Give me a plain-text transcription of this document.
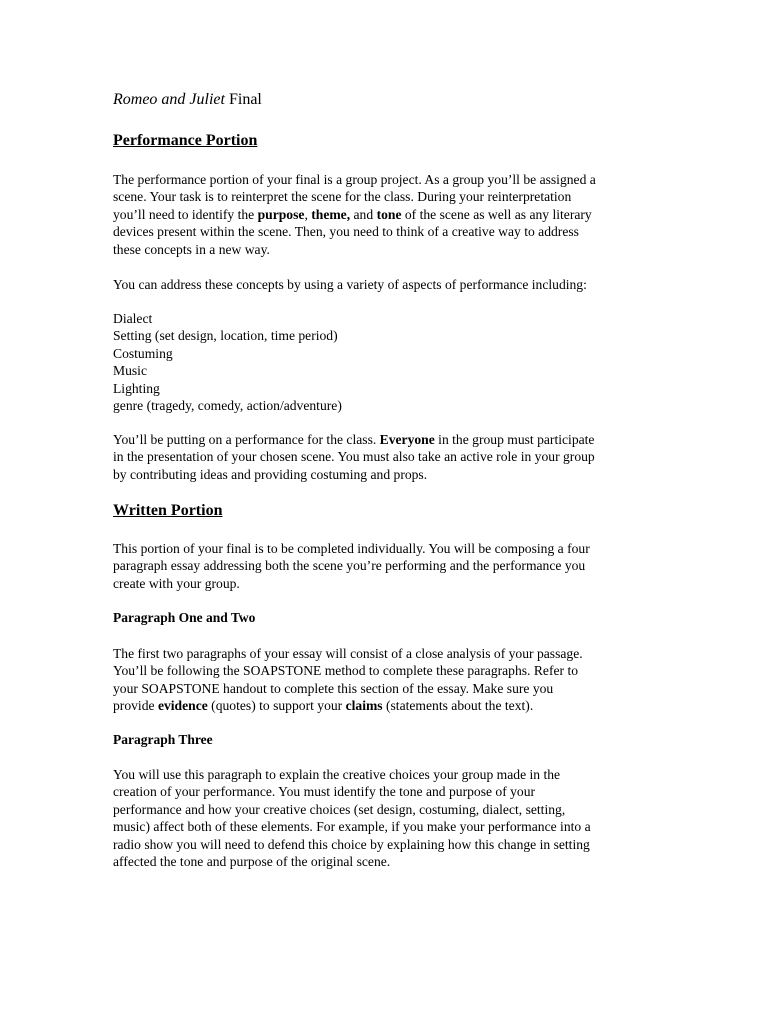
Romeo and Juliet Final
Performance Portion
The performance portion of your final is a group project. As a group you’ll be assigned a
scene. Your task is to reinterpret the scene for the class. During your reinterpretation
you’ll need to identify the purpose, theme, and tone of the scene as well as any literary
devices present within the scene. Then, you need to think of a creative way to address
these concepts in a new way.
You can address these concepts by using a variety of aspects of performance including:
Dialect
Setting (set design, location, time period)
Costuming
Music
Lighting
genre (tragedy, comedy, action/adventure)
You’ll be putting on a performance for the class. Everyone in the group must participate
in the presentation of your chosen scene. You must also take an active role in your group
by contributing ideas and providing costuming and props.
Written Portion
This portion of your final is to be completed individually. You will be composing a four
paragraph essay addressing both the scene you’re performing and the performance you
create with your group.
Paragraph One and Two
The first two paragraphs of your essay will consist of a close analysis of your passage.
You’ll be following the SOAPSTONE method to complete these paragraphs. Refer to
your SOAPSTONE handout to complete this section of the essay. Make sure you
provide evidence (quotes) to support your claims (statements about the text).
Paragraph Three
You will use this paragraph to explain the creative choices your group made in the
creation of your performance. You must identify the tone and purpose of your
performance and how your creative choices (set design, costuming, dialect, setting,
music) affect both of these elements. For example, if you make your performance into a
radio show you will need to defend this choice by explaining how this change in setting
affected the tone and purpose of the original scene.
